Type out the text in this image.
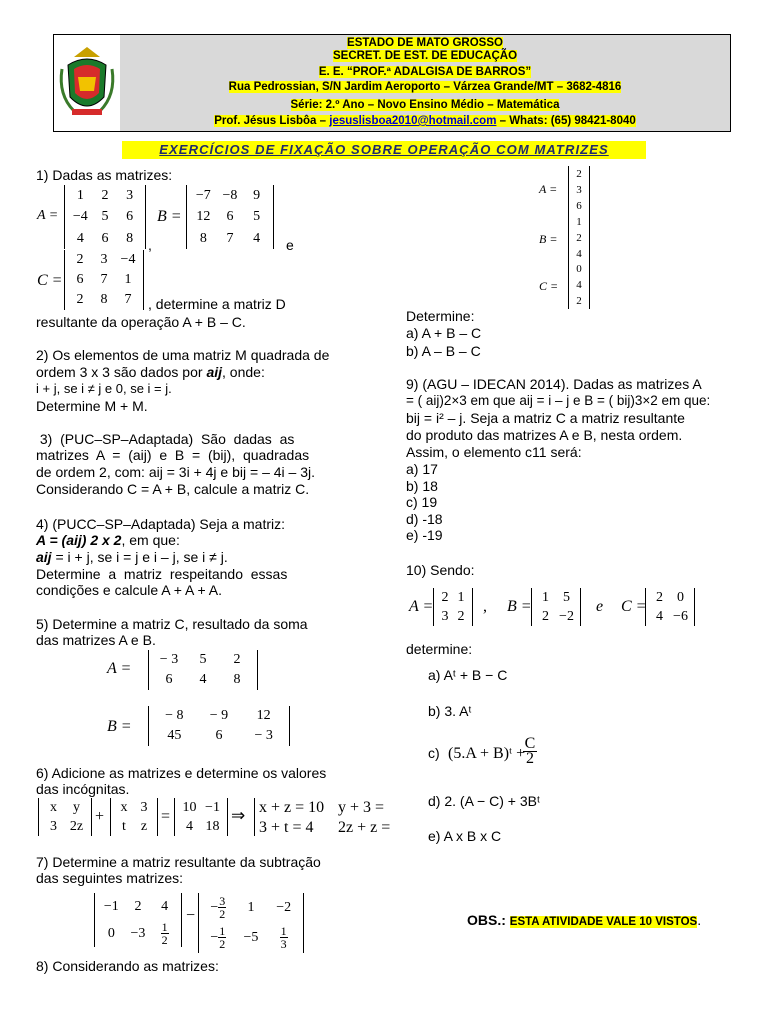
ESTADO DE MATO GROSSO
SECRET. DE EST. DE EDUCAÇÃO
E. E. “PROF.ª ADALGISA DE BARROS”
Rua Pedrossian, S/N Jardim Aeroporto – Várzea Grande/MT – 3682-4816
Série: 2.º Ano – Novo Ensino Médio – Matemática
Prof. Jésus Lisbôa – jesuslisboa2010@hotmail.com – Whats: (65) 98421-8040
EXERCÍCIOS DE FIXAÇÃO SOBRE OPERAÇÃO COM MATRIZES
1) Dadas as matrizes:
A =
1	2	3
−4 5	6
4	6	8
B =
−7 −8	9
12	6	5
8	7	4
,	e
C =
2	3 −4
6	7	1
2	8	7	, determine a matriz D
resultante da operação A + B – C.
2) Os elementos de uma matriz M quadrada de
ordem 3 x 3 são dados por aij, onde:
i + j, se i ≠ j e 0, se i = j.
Determine M + M.
3)  (PUC–SP–Adaptada)  São  dadas  as
matrizes  A  =  (aij)  e  B  =  (bij),  quadradas
de ordem 2, com: aij = 3i + 4j e bij = – 4i – 3j.
Considerando C = A + B, calcule a matriz C.
4) (PUCC–SP–Adaptada) Seja a matriz:
A = (aij) 2 x 2, em que:
aij = i + j, se i = j e i – j, se i ≠ j.
Determine  a  matriz  respeitando  essas
condições e calcule A + A + A.
5) Determine a matriz C, resultado da soma
das matrizes A e B.
A =
− 3	5	2
6	4	8
B =
− 8	− 9	12
45	6	− 3
6) Adicione as matrizes e determine os valores
das incógnitas.
x	y
3 2z
+
x 3
t	z
=
10 −1
4 18
⇒ x + z = 10 y + 3 =
3 + t = 4 2z + z =
7) Determine a matriz resultante da subtração
das seguintes matrizes:
−1	2	4
0	−3	$\frac{1}{2}$
−	− $\frac{3}{2}$	1	−2
− $\frac{1}{2}$	−5	$\frac{1}{3}$
8) Considerando as matrizes:
A =
2
3
6
B =
1
2
4
C =
0
4
2
Determine:
a) A + B – C
b) A – B – C
9) (AGU – IDECAN 2014). Dadas as matrizes A
= ( aij)2×3 em que aij = i – j e B = ( bij)3×2 em que:
bij = i² – j. Seja a matriz C a matriz resultante
do produto das matrizes A e B, nesta ordem.
Assim, o elemento c11 será:
a) 17
b) 18
c) 19
d) -18
e) -19
10) Sendo:
A =
2 1
3 2
, B =
1	5
2 −2
e C =
2	0
4 −6
determine:
a) Aᵗ + B − C
b) 3. Aᵗ
c) (5.A + B)ᵗ +
$\frac{C}{2}$
d) 2. (A − C) + 3Bᵗ
e) A x B x C
OBS.: ESTA ATIVIDADE VALE 10 VISTOS.
